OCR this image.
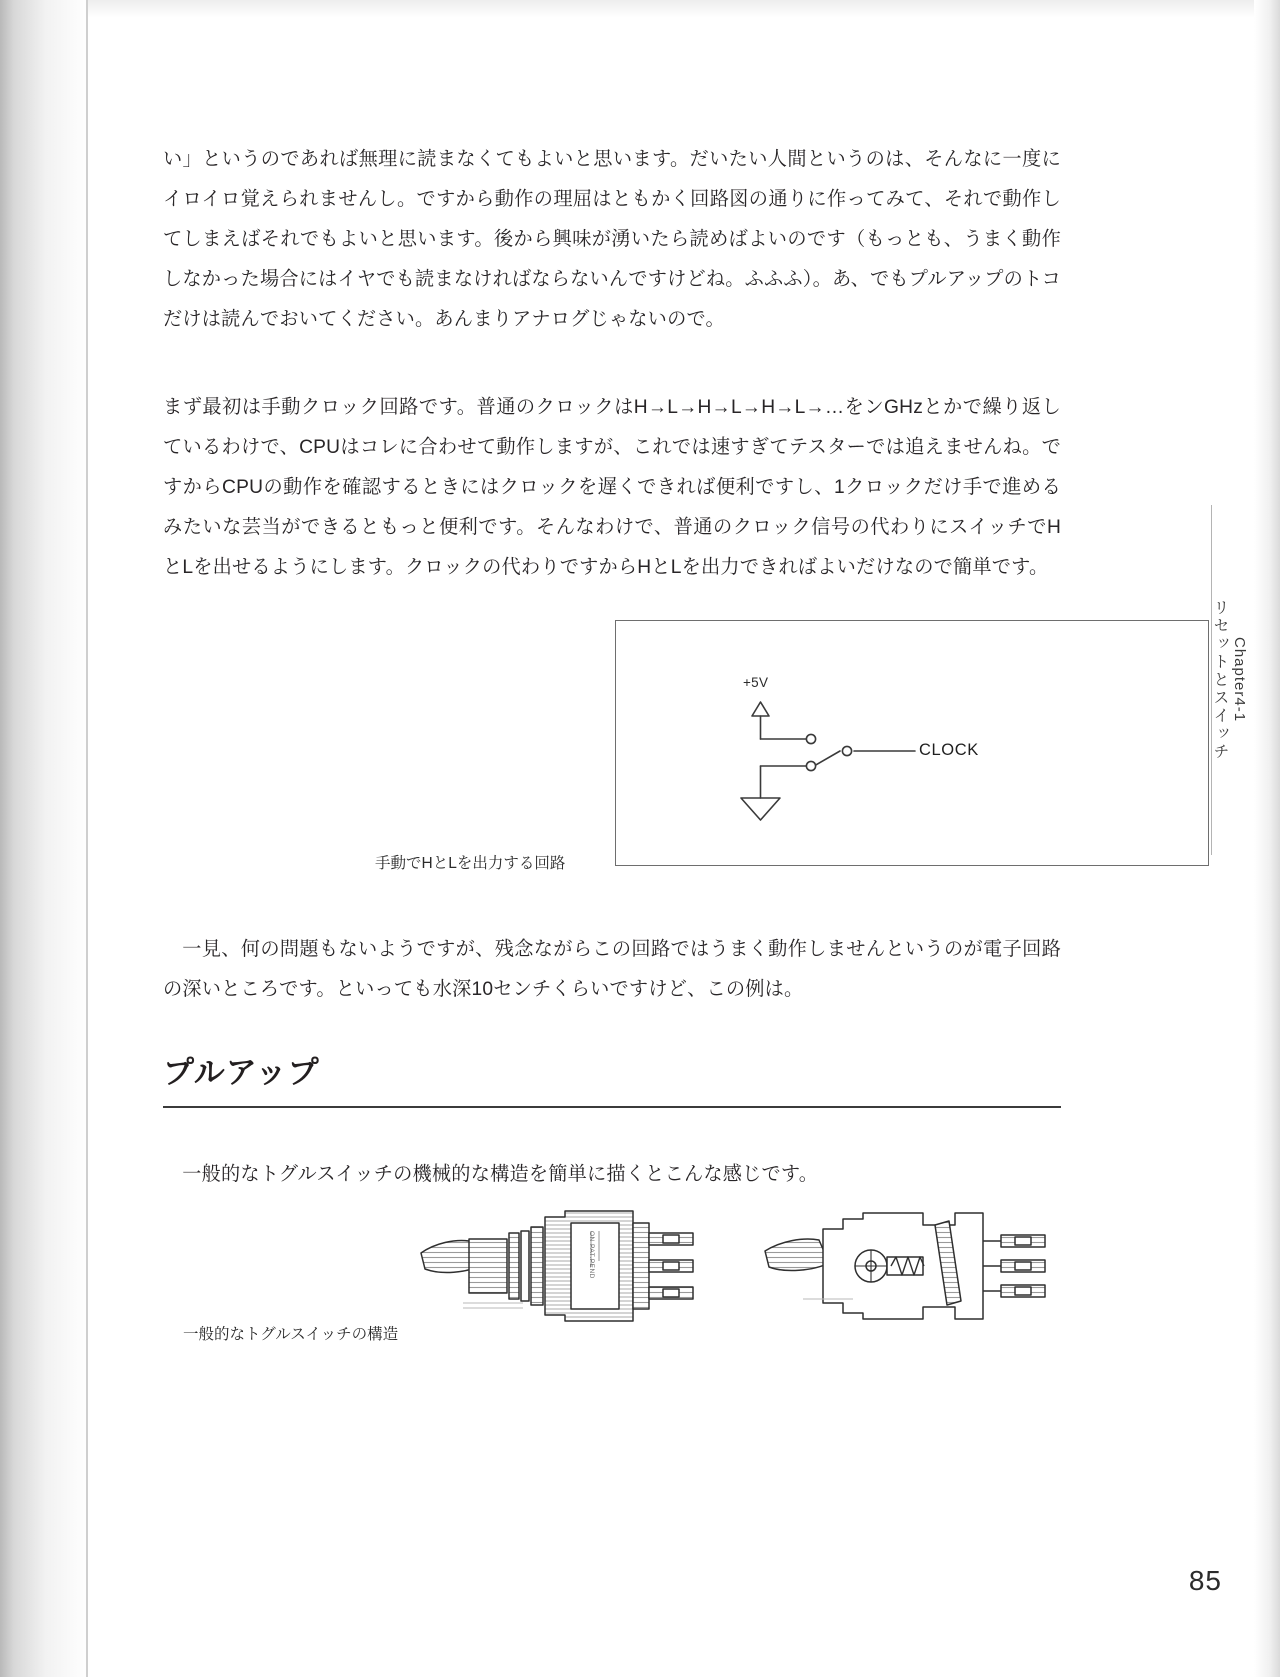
い」というのであれば無理に読まなくてもよいと思います。だいたい人間というのは、そんなに一度にイロイロ覚えられませんし。ですから動作の理屈はともかく回路図の通りに作ってみて、それで動作してしまえばそれでもよいと思います。後から興味が湧いたら読めばよいのです（もっとも、うまく動作しなかった場合にはイヤでも読まなければならないんですけどね。ふふふ）。あ、でもプルアップのトコだけは読んでおいてください。あんまりアナログじゃないので。

まず最初は手動クロック回路です。普通のクロックはH→L→H→L→H→L→…をンGHzとかで繰り返しているわけで、CPUはコレに合わせて動作しますが、これでは速すぎてテスターでは追えませんね。ですからCPUの動作を確認するときにはクロックを遅くできれば便利ですし、1クロックだけ手で進めるみたいな芸当ができるともっと便利です。そんなわけで、普通のクロック信号の代わりにスイッチでHとLを出せるようにします。クロックの代わりですからHとLを出力できればよいだけなので簡単です。

+5V
CLOCK
手動でHとLを出力する回路

一見、何の問題もないようですが、残念ながらこの回路ではうまく動作しませんというのが電子回路の深いところです。といっても水深10センチくらいですけど、この例は。

プルアップ

一般的なトグルスイッチの機械的な構造を簡単に描くとこんな感じです。

ON PAT.PEND
一般的なトグルスイッチの構造
Chapter4-1
リセットとスイッチ
85
